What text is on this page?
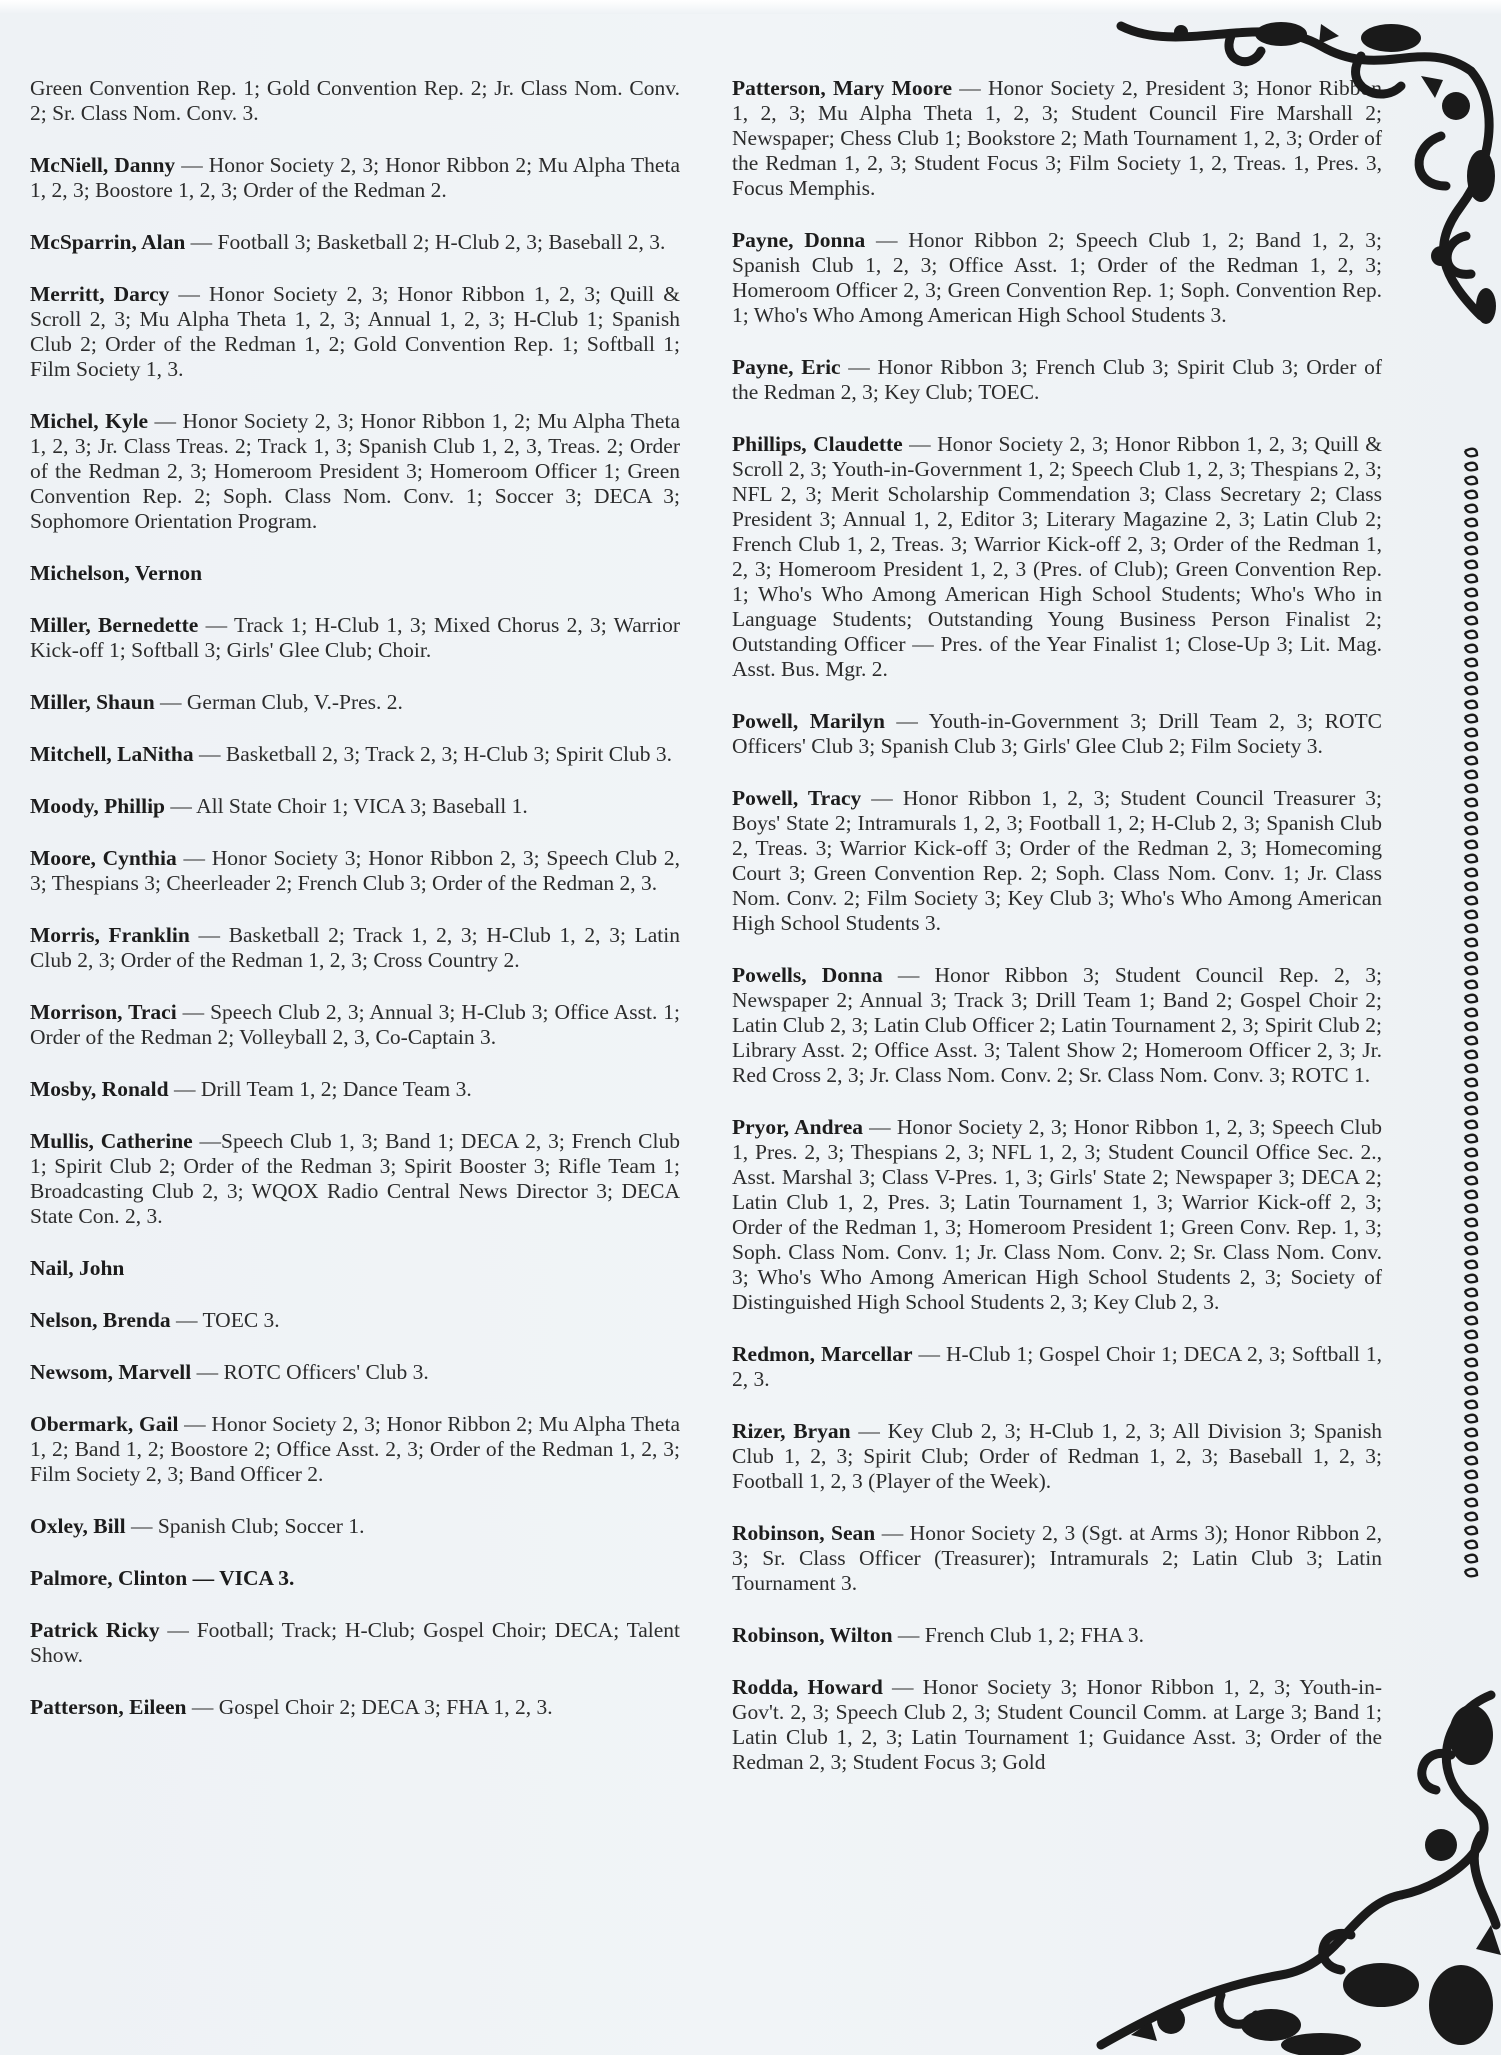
Green Convention Rep. 1; Gold Convention Rep. 2; Jr. Class Nom. Conv. 2; Sr. Class Nom. Conv. 3.

McNiell, Danny — Honor Society 2, 3; Honor Ribbon 2; Mu Alpha Theta 1, 2, 3; Boostore 1, 2, 3; Order of the Redman 2.

McSparrin, Alan — Football 3; Basketball 2; H-Club 2, 3; Baseball 2, 3.

Merritt, Darcy — Honor Society 2, 3; Honor Ribbon 1, 2, 3; Quill & Scroll 2, 3; Mu Alpha Theta 1, 2, 3; Annual 1, 2, 3; H-Club 1; Spanish Club 2; Order of the Redman 1, 2; Gold Convention Rep. 1; Softball 1; Film Society 1, 3.

Michel, Kyle — Honor Society 2, 3; Honor Ribbon 1, 2; Mu Alpha Theta 1, 2, 3; Jr. Class Treas. 2; Track 1, 3; Spanish Club 1, 2, 3, Treas. 2; Order of the Redman 2, 3; Homeroom President 3; Homeroom Officer 1; Green Convention Rep. 2; Soph. Class Nom. Conv. 1; Soccer 3; DECA 3; Sophomore Orientation Program.

Michelson, Vernon

Miller, Bernedette — Track 1; H-Club 1, 3; Mixed Chorus 2, 3; Warrior Kick-off 1; Softball 3; Girls' Glee Club; Choir.

Miller, Shaun — German Club, V.-Pres. 2.

Mitchell, LaNitha — Basketball 2, 3; Track 2, 3; H-Club 3; Spirit Club 3.

Moody, Phillip — All State Choir 1; VICA 3; Baseball 1.

Moore, Cynthia — Honor Society 3; Honor Ribbon 2, 3; Speech Club 2, 3; Thespians 3; Cheerleader 2; French Club 3; Order of the Redman 2, 3.

Morris, Franklin — Basketball 2; Track 1, 2, 3; H-Club 1, 2, 3; Latin Club 2, 3; Order of the Redman 1, 2, 3; Cross Country 2.

Morrison, Traci — Speech Club 2, 3; Annual 3; H-Club 3; Office Asst. 1; Order of the Redman 2; Volleyball 2, 3, Co-Captain 3.

Mosby, Ronald — Drill Team 1, 2; Dance Team 3.

Mullis, Catherine —Speech Club 1, 3; Band 1; DECA 2, 3; French Club 1; Spirit Club 2; Order of the Redman 3; Spirit Booster 3; Rifle Team 1; Broadcasting Club 2, 3; WQOX Radio Central News Director 3; DECA State Con. 2, 3.

Nail, John

Nelson, Brenda — TOEC 3.

Newsom, Marvell — ROTC Officers' Club 3.

Obermark, Gail — Honor Society 2, 3; Honor Ribbon 2; Mu Alpha Theta 1, 2; Band 1, 2; Boostore 2; Office Asst. 2, 3; Order of the Redman 1, 2, 3; Film Society 2, 3; Band Officer 2.

Oxley, Bill — Spanish Club; Soccer 1.

Palmore, Clinton — VICA 3.

Patrick Ricky — Football; Track; H-Club; Gospel Choir; DECA; Talent Show.

Patterson, Eileen — Gospel Choir 2; DECA 3; FHA 1, 2, 3.

Patterson, Mary Moore — Honor Society 2, President 3; Honor Ribbon 1, 2, 3; Mu Alpha Theta 1, 2, 3; Student Council Fire Marshall 2; Newspaper; Chess Club 1; Bookstore 2; Math Tournament 1, 2, 3; Order of the Redman 1, 2, 3; Student Focus 3; Film Society 1, 2, Treas. 1, Pres. 3, Focus Memphis.

Payne, Donna — Honor Ribbon 2; Speech Club 1, 2; Band 1, 2, 3; Spanish Club 1, 2, 3; Office Asst. 1; Order of the Redman 1, 2, 3; Homeroom Officer 2, 3; Green Convention Rep. 1; Soph. Convention Rep. 1; Who's Who Among American High School Students 3.

Payne, Eric — Honor Ribbon 3; French Club 3; Spirit Club 3; Order of the Redman 2, 3; Key Club; TOEC.

Phillips, Claudette — Honor Society 2, 3; Honor Ribbon 1, 2, 3; Quill & Scroll 2, 3; Youth-in-Government 1, 2; Speech Club 1, 2, 3; Thespians 2, 3; NFL 2, 3; Merit Scholarship Commendation 3; Class Secretary 2; Class President 3; Annual 1, 2, Editor 3; Literary Magazine 2, 3; Latin Club 2; French Club 1, 2, Treas. 3; Warrior Kick-off 2, 3; Order of the Redman 1, 2, 3; Homeroom President 1, 2, 3 (Pres. of Club); Green Convention Rep. 1; Who's Who Among American High School Students; Who's Who in Language Students; Outstanding Young Business Person Finalist 2; Outstanding Officer — Pres. of the Year Finalist 1; Close-Up 3; Lit. Mag. Asst. Bus. Mgr. 2.

Powell, Marilyn — Youth-in-Government 3; Drill Team 2, 3; ROTC Officers' Club 3; Spanish Club 3; Girls' Glee Club 2; Film Society 3.

Powell, Tracy — Honor Ribbon 1, 2, 3; Student Council Treasurer 3; Boys' State 2; Intramurals 1, 2, 3; Football 1, 2; H-Club 2, 3; Spanish Club 2, Treas. 3; Warrior Kick-off 3; Order of the Redman 2, 3; Homecoming Court 3; Green Convention Rep. 2; Soph. Class Nom. Conv. 1; Jr. Class Nom. Conv. 2; Film Society 3; Key Club 3; Who's Who Among American High School Students 3.

Powells, Donna — Honor Ribbon 3; Student Council Rep. 2, 3; Newspaper 2; Annual 3; Track 3; Drill Team 1; Band 2; Gospel Choir 2; Latin Club 2, 3; Latin Club Officer 2; Latin Tournament 2, 3; Spirit Club 2; Library Asst. 2; Office Asst. 3; Talent Show 2; Homeroom Officer 2, 3; Jr. Red Cross 2, 3; Jr. Class Nom. Conv. 2; Sr. Class Nom. Conv. 3; ROTC 1.

Pryor, Andrea — Honor Society 2, 3; Honor Ribbon 1, 2, 3; Speech Club 1, Pres. 2, 3; Thespians 2, 3; NFL 1, 2, 3; Student Council Office Sec. 2., Asst. Marshal 3; Class V-Pres. 1, 3; Girls' State 2; Newspaper 3; DECA 2; Latin Club 1, 2, Pres. 3; Latin Tournament 1, 3; Warrior Kick-off 2, 3; Order of the Redman 1, 3; Homeroom President 1; Green Conv. Rep. 1, 3; Soph. Class Nom. Conv. 1; Jr. Class Nom. Conv. 2; Sr. Class Nom. Conv. 3; Who's Who Among American High School Students 2, 3; Society of Distinguished High School Students 2, 3; Key Club 2, 3.

Redmon, Marcellar — H-Club 1; Gospel Choir 1; DECA 2, 3; Softball 1, 2, 3.

Rizer, Bryan — Key Club 2, 3; H-Club 1, 2, 3; All Division 3; Spanish Club 1, 2, 3; Spirit Club; Order of Redman 1, 2, 3; Baseball 1, 2, 3; Football 1, 2, 3 (Player of the Week).

Robinson, Sean — Honor Society 2, 3 (Sgt. at Arms 3); Honor Ribbon 2, 3; Sr. Class Officer (Treasurer); Intramurals 2; Latin Club 3; Latin Tournament 3.

Robinson, Wilton — French Club 1, 2; FHA 3.

Rodda, Howard — Honor Society 3; Honor Ribbon 1, 2, 3; Youth-in-Gov't. 2, 3; Speech Club 2, 3; Student Council Comm. at Large 3; Band 1; Latin Club 1, 2, 3; Latin Tournament 1; Guidance Asst. 3; Order of the Redman 2, 3; Student Focus 3; Gold
